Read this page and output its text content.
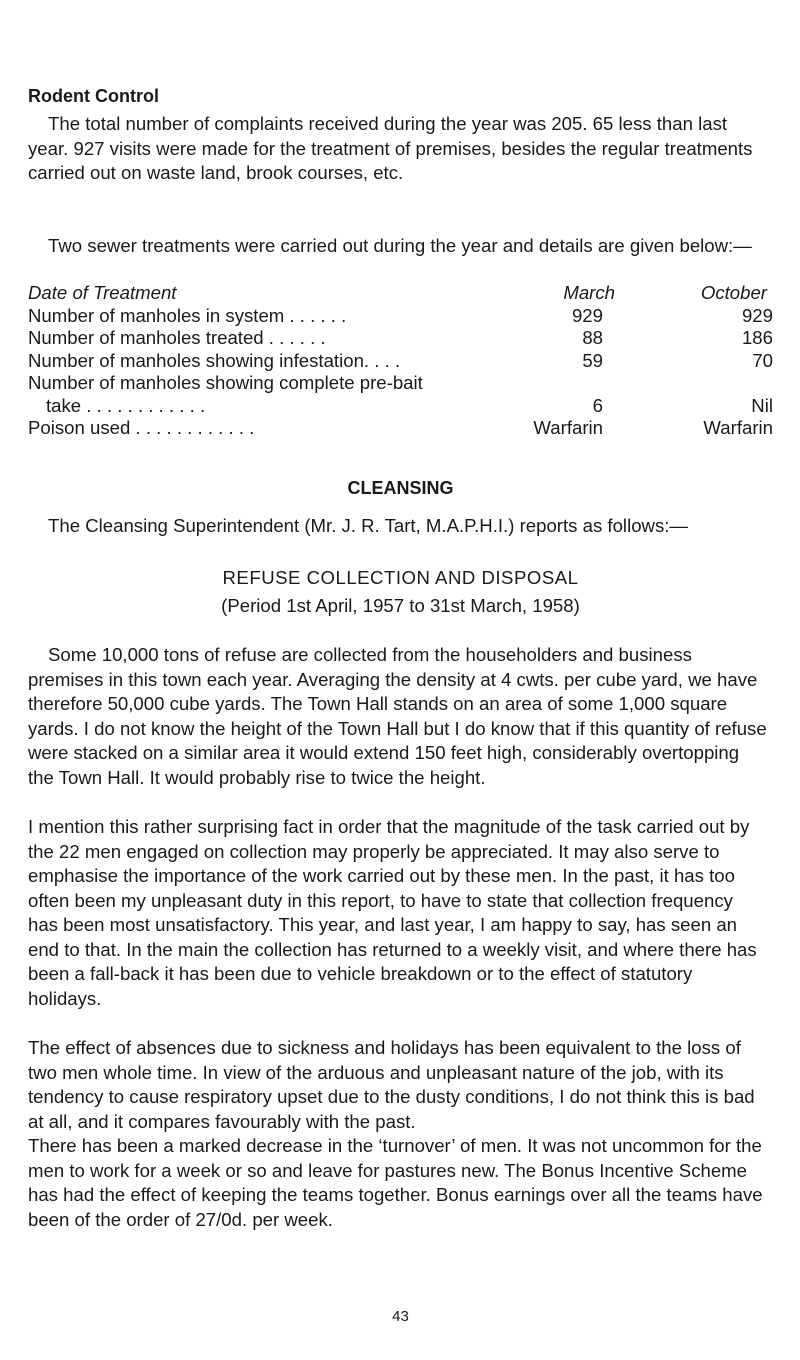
Rodent Control

The total number of complaints received during the year was 205. 65 less than last year. 927 visits were made for the treatment of premises, besides the regular treatments carried out on waste land, brook courses, etc.

Two sewer treatments were carried out during the year and details are given below:—

Date of Treatment	March	October
Number of manholes in system . . . . . .	929	929
Number of manholes treated . . . . . .	88	186
Number of manholes showing infestation. . . .	59	70
Number of manholes showing complete pre-bait
take . . . . . . . . . . . .	6	Nil
Poison used . . . . . . . . . . . .	Warfarin	Warfarin
CLEANSING

The Cleansing Superintendent (Mr. J. R. Tart, M.A.P.H.I.) reports as follows:—

REFUSE COLLECTION AND DISPOSAL
(Period 1st April, 1957 to 31st March, 1958)

Some 10,000 tons of refuse are collected from the householders and business premises in this town each year. Averaging the density at 4 cwts. per cube yard, we have therefore 50,000 cube yards. The Town Hall stands on an area of some 1,000 square yards. I do not know the height of the Town Hall but I do know that if this quantity of refuse were stacked on a similar area it would extend 150 feet high, considerably overtopping the Town Hall. It would probably rise to twice the height.

I mention this rather surprising fact in order that the magnitude of the task carried out by the 22 men engaged on collection may properly be appreciated. It may also serve to emphasise the importance of the work carried out by these men. In the past, it has too often been my unpleasant duty in this report, to have to state that collection frequency has been most unsatisfactory. This year, and last year, I am happy to say, has seen an end to that. In the main the collection has returned to a weekly visit, and where there has been a fall-back it has been due to vehicle breakdown or to the effect of statutory holidays.

The effect of absences due to sickness and holidays has been equivalent to the loss of two men whole time. In view of the arduous and unpleasant nature of the job, with its tendency to cause respiratory upset due to the dusty conditions, I do not think this is bad at all, and it compares favourably with the past.

There has been a marked decrease in the ‘turnover’ of men. It was not uncommon for the men to work for a week or so and leave for pastures new. The Bonus Incentive Scheme has had the effect of keeping the teams together. Bonus earnings over all the teams have been of the order of 27/0d. per week.

43
